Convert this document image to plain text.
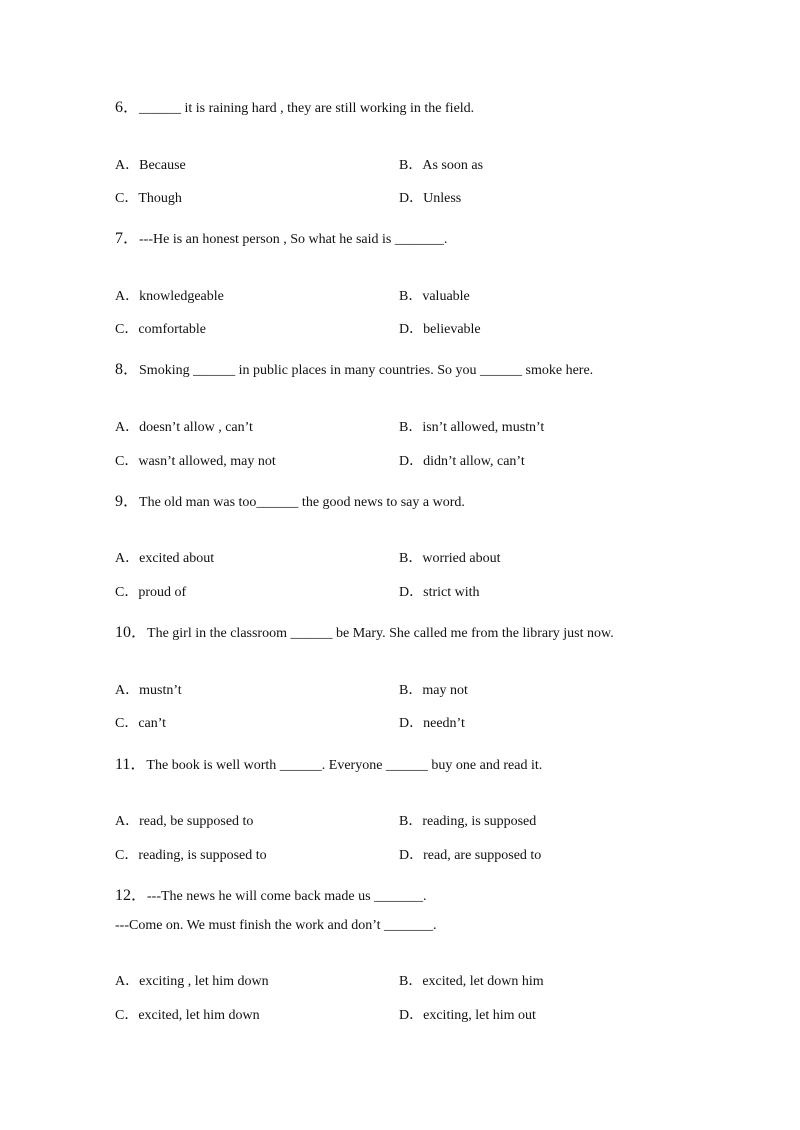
6．______ it is raining hard , they are still working in the field.
A．Because	B．As soon as
C．Though	D．Unless
7．---He is an honest person , So what he said is _______.
A．knowledgeable	B．valuable
C．comfortable	D．believable
8．Smoking ______ in public places in many countries. So you ______ smoke here.
A．doesn’t allow , can’t	B．isn’t allowed, mustn’t
C．wasn’t allowed, may not	D．didn’t allow, can’t
9．The old man was too______ the good news to say a word.
A．excited about	B．worried about
C．proud of	D．strict with
10．The girl in the classroom ______ be Mary. She called me from the library just now.
A．mustn’t	B．may not
C．can’t	D．needn’t
11．The book is well worth ______. Everyone ______ buy one and read it.
A．read, be supposed to	B．reading, is supposed
C．reading, is supposed to	D．read, are supposed to
12．---The news he will come back made us _______.
---Come on. We must finish the work and don’t _______.
A．exciting , let him down	B．excited, let down him
C．excited, let him down	D．exciting, let him out
